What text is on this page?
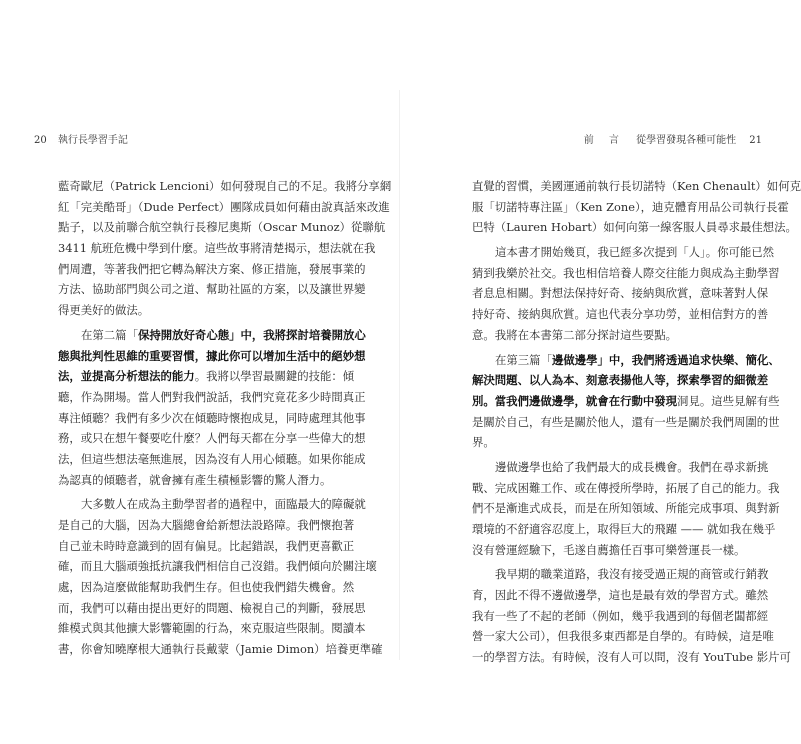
20 執行長學習手記
藍奇歐尼（Patrick Lencioni）如何發現自己的不足。我將分享網
紅「完美酷哥」（Dude Perfect）團隊成員如何藉由說真話來改進
點子，以及前聯合航空執行長穆尼奧斯（Oscar Munoz）從聯航
3411 航班危機中學到什麼。這些故事將清楚揭示，想法就在我
們周遭，等著我們把它轉為解決方案、修正措施，發展事業的
方法、協助部門與公司之道、幫助社區的方案，以及讓世界變
得更美好的做法。
在第二篇「保持開放好奇心態」中，我將探討培養開放心
態與批判性思維的重要習慣，據此你可以增加生活中的絕妙想
法，並提高分析想法的能力。我將以學習最關鍵的技能：傾
聽，作為開場。當人們對我們說話，我們究竟花多少時間真正
專注傾聽？我們有多少次在傾聽時懷抱成見，同時處理其他事
務，或只在想午餐要吃什麼？人們每天都在分享一些偉大的想
法，但這些想法毫無進展，因為沒有人用心傾聽。如果你能成
為認真的傾聽者，就會擁有產生積極影響的驚人潛力。
大多數人在成為主動學習者的過程中，面臨最大的障礙就
是自己的大腦，因為大腦總會給新想法設路障。我們懷抱著
自己並未時時意識到的固有偏見。比起錯誤，我們更喜歡正
確，而且大腦頑強抵抗讓我們相信自己沒錯。我們傾向於關注壞
處，因為這麼做能幫助我們生存。但也使我們錯失機會。然
而，我們可以藉由提出更好的問題、檢視自己的判斷，發展思
維模式與其他擴大影響範圍的行為，來克服這些限制。閱讀本
書，你會知曉摩根大通執行長戴蒙（Jamie Dimon）培養更準確
前 言 從學習發現各種可能性 21
直覺的習慣，美國運通前執行長切諾特（Ken Chenault）如何克
服「切諾特專注區」（Ken Zone），迪克體育用品公司執行長霍
巴特（Lauren Hobart）如何向第一線客服人員尋求最佳想法。
這本書才開始幾頁，我已經多次提到「人」。你可能已然
猜到我樂於社交。我也相信培養人際交往能力與成為主動學習
者息息相關。對想法保持好奇、接納與欣賞，意味著對人保
持好奇、接納與欣賞。這也代表分享功勞，並相信對方的善
意。我將在本書第二部分探討這些要點。
在第三篇「邊做邊學」中，我們將透過追求快樂、簡化、
解決問題、以人為本、刻意表揚他人等，探索學習的細微差
別。當我們邊做邊學，就會在行動中發現洞見。這些見解有些
是關於自己，有些是關於他人，還有一些是關於我們周圍的世
界。
邊做邊學也給了我們最大的成長機會。我們在尋求新挑
戰、完成困難工作、或在傳授所學時，拓展了自己的能力。我
們不是漸進式成長，而是在所知領域、所能完成事項、與對新
環境的不舒適容忍度上，取得巨大的飛躍 —— 就如我在幾乎
沒有營運經驗下，毛遂自薦擔任百事可樂營運長一樣。
我早期的職業道路，我沒有接受過正規的商管或行銷教
育，因此不得不邊做邊學，這也是最有效的學習方式。雖然
我有一些了不起的老師（例如，幾乎我遇到的每個老闆都經
營一家大公司），但我很多東西都是自學的。有時候，這是唯
一的學習方法。有時候，沒有人可以問，沒有 YouTube 影片可
